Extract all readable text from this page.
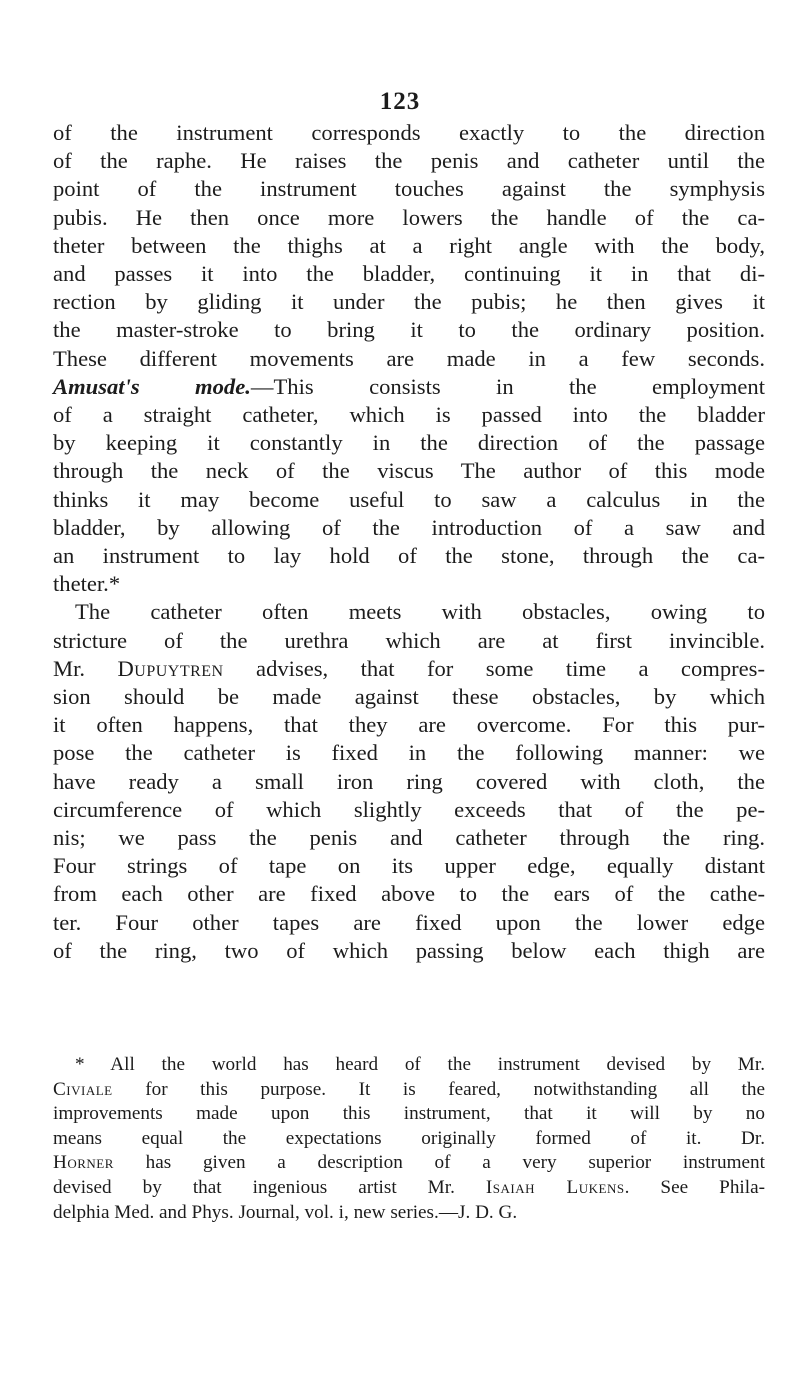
123
of the instrument corresponds exactly to the direction
of the raphe. He raises the penis and catheter until the
point of the instrument touches against the symphysis
pubis. He then once more lowers the handle of the ca-
theter between the thighs at a right angle with the body,
and passes it into the bladder, continuing it in that di-
rection by gliding it under the pubis; he then gives it
the master-stroke to bring it to the ordinary position.
These different movements are made in a few seconds.
Amusat's mode.—This consists in the employment
of a straight catheter, which is passed into the bladder
by keeping it constantly in the direction of the passage
through the neck of the viscus The author of this mode
thinks it may become useful to saw a calculus in the
bladder, by allowing of the introduction of a saw and
an instrument to lay hold of the stone, through the ca-
theter.*
The catheter often meets with obstacles, owing to
stricture of the urethra which are at first invincible.
Mr. Dupuytren advises, that for some time a compres-
sion should be made against these obstacles, by which
it often happens, that they are overcome. For this pur-
pose the catheter is fixed in the following manner: we
have ready a small iron ring covered with cloth, the
circumference of which slightly exceeds that of the pe-
nis; we pass the penis and catheter through the ring.
Four strings of tape on its upper edge, equally distant
from each other are fixed above to the ears of the cathe-
ter. Four other tapes are fixed upon the lower edge
of the ring, two of which passing below each thigh are
* All the world has heard of the instrument devised by Mr.
Civiale for this purpose. It is feared, notwithstanding all the
improvements made upon this instrument, that it will by no
means equal the expectations originally formed of it. Dr.
Horner has given a description of a very superior instrument
devised by that ingenious artist Mr. Isaiah Lukens. See Phila-
delphia Med. and Phys. Journal, vol. i, new series.—J. D. G.
